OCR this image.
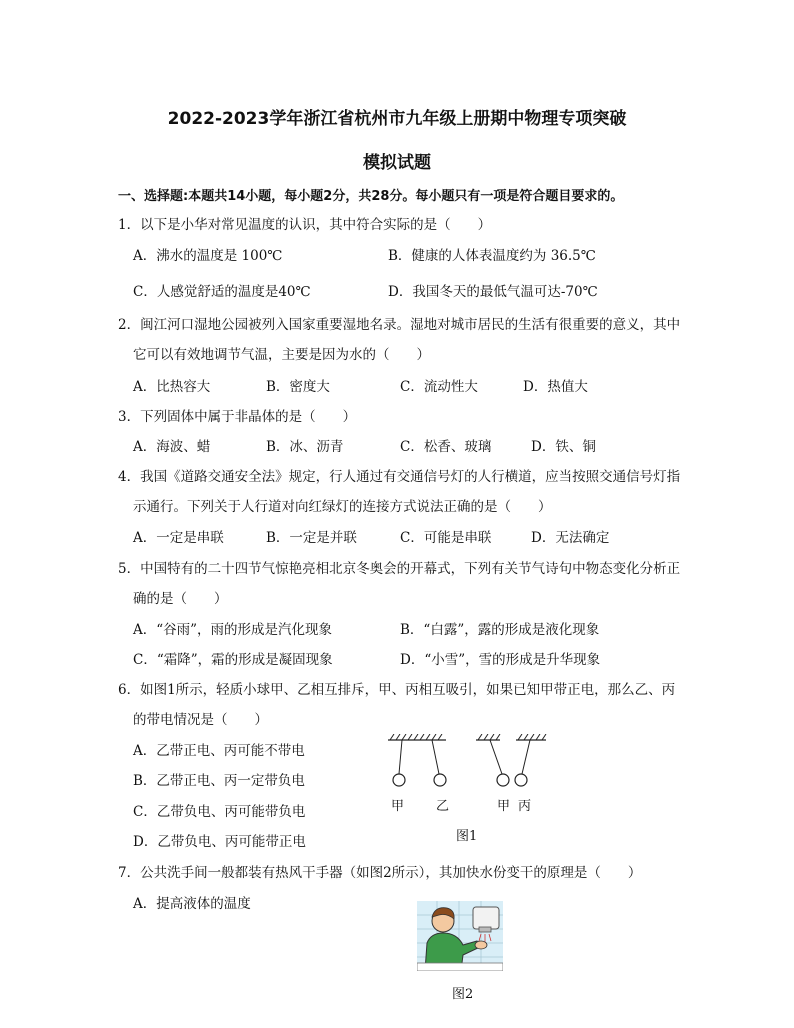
2022-2023学年浙江省杭州市九年级上册期中物理专项突破
模拟试题
一、选择题:本题共14小题，每小题2分，共28分。每小题只有一项是符合题目要求的。
1．以下是小华对常见温度的认识，其中符合实际的是（　　）
A．沸水的温度是 100℃	B．健康的人体表温度约为 36.5℃
C．人感觉舒适的温度是40℃	D．我国冬天的最低气温可达-70℃
2．闽江河口湿地公园被列入国家重要湿地名录。湿地对城市居民的生活有很重要的意义，其中
它可以有效地调节气温，主要是因为水的（　　）
A．比热容大	B．密度大	C．流动性大	D．热值大
3．下列固体中属于非晶体的是（　　）
A．海波、蜡	B．冰、沥青	C．松香、玻璃	D．铁、铜
4．我国《道路交通安全法》规定，行人通过有交通信号灯的人行横道，应当按照交通信号灯指
示通行。下列关于人行道对向红绿灯的连接方式说法正确的是（　　）
A．一定是串联	B．一定是并联	C．可能是串联	D．无法确定
5．中国特有的二十四节气惊艳亮相北京冬奥会的开幕式，下列有关节气诗句中物态变化分析正
确的是（　　）
A．“谷雨”，雨的形成是汽化现象	B．“白露”，露的形成是液化现象
C．“霜降”，霜的形成是凝固现象	D．“小雪”，雪的形成是升华现象
6．如图1所示，轻质小球甲、乙相互排斥，甲、丙相互吸引，如果已知甲带正电，那么乙、丙
的带电情况是（　　）
A．乙带正电、丙可能不带电
B．乙带正电、丙一定带负电
C．乙带负电、丙可能带负电
D．乙带负电、丙可能带正电
甲 乙	甲 丙
图1
7．公共洗手间一般都装有热风干手器（如图2所示），其加快水份变干的原理是（　　）
A．提高液体的温度
图2
